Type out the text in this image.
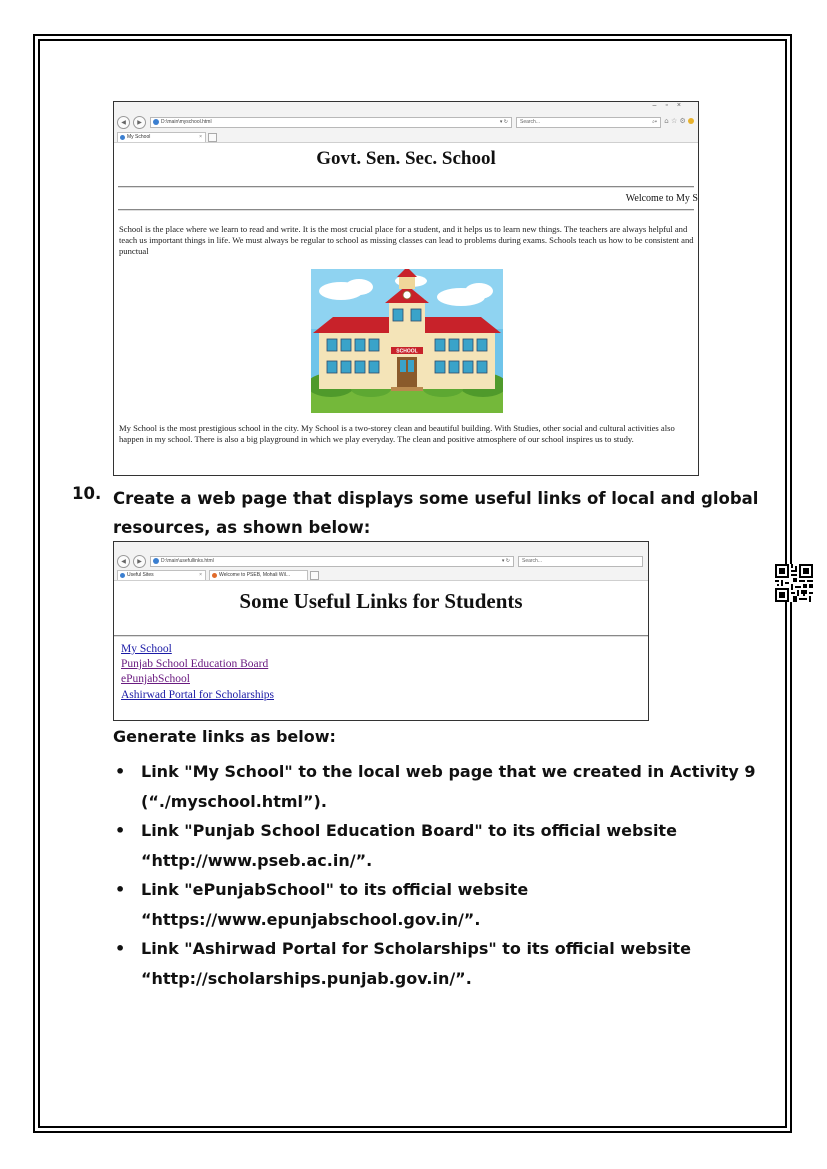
–▫×
◀	▶	D:\main\myschool.html	▾ ↻	Search...	⌕▾ ⌂ ☆ ⚙
My School	×
Govt. Sen. Sec. School
Welcome to My S
School is the place where we learn to read and write. It is the most crucial place for a student, and it helps us to learn new things. The teachers are always helpful and teach us important things in life. We must always be regular to school as missing classes can lead to problems during exams. Schools teach us how to be consistent and punctual
SCHOOL
My School is the most prestigious school in the city. My School is a two-storey clean and beautiful building. With Studies, other social and cultural activities also happen in my school. There is also a big playground in which we play everyday. The clean and positive atmosphere of our school inspires us to study.
10. Create a web page that displays some useful links of local and global resources, as shown below:
◀	▶	D:\main\usefullinks.html	▾ ↻	Search...
Useful Sites	×	Welcome to PSEB, Mohali Wil...
Some Useful Links for Students
My School
Punjab School Education Board
ePunjabSchool
Ashirwad Portal for Scholarships
Generate links as below:
• Link "My School" to the local web page that we created in Activity 9 (“./myschool.html”).
• Link "Punjab School Education Board" to its official website “http://www.pseb.ac.in/”.
• Link "ePunjabSchool" to its official website “https://www.epunjabschool.gov.in/”.
• Link "Ashirwad Portal for Scholarships" to its official website “http://scholarships.punjab.gov.in/”.
